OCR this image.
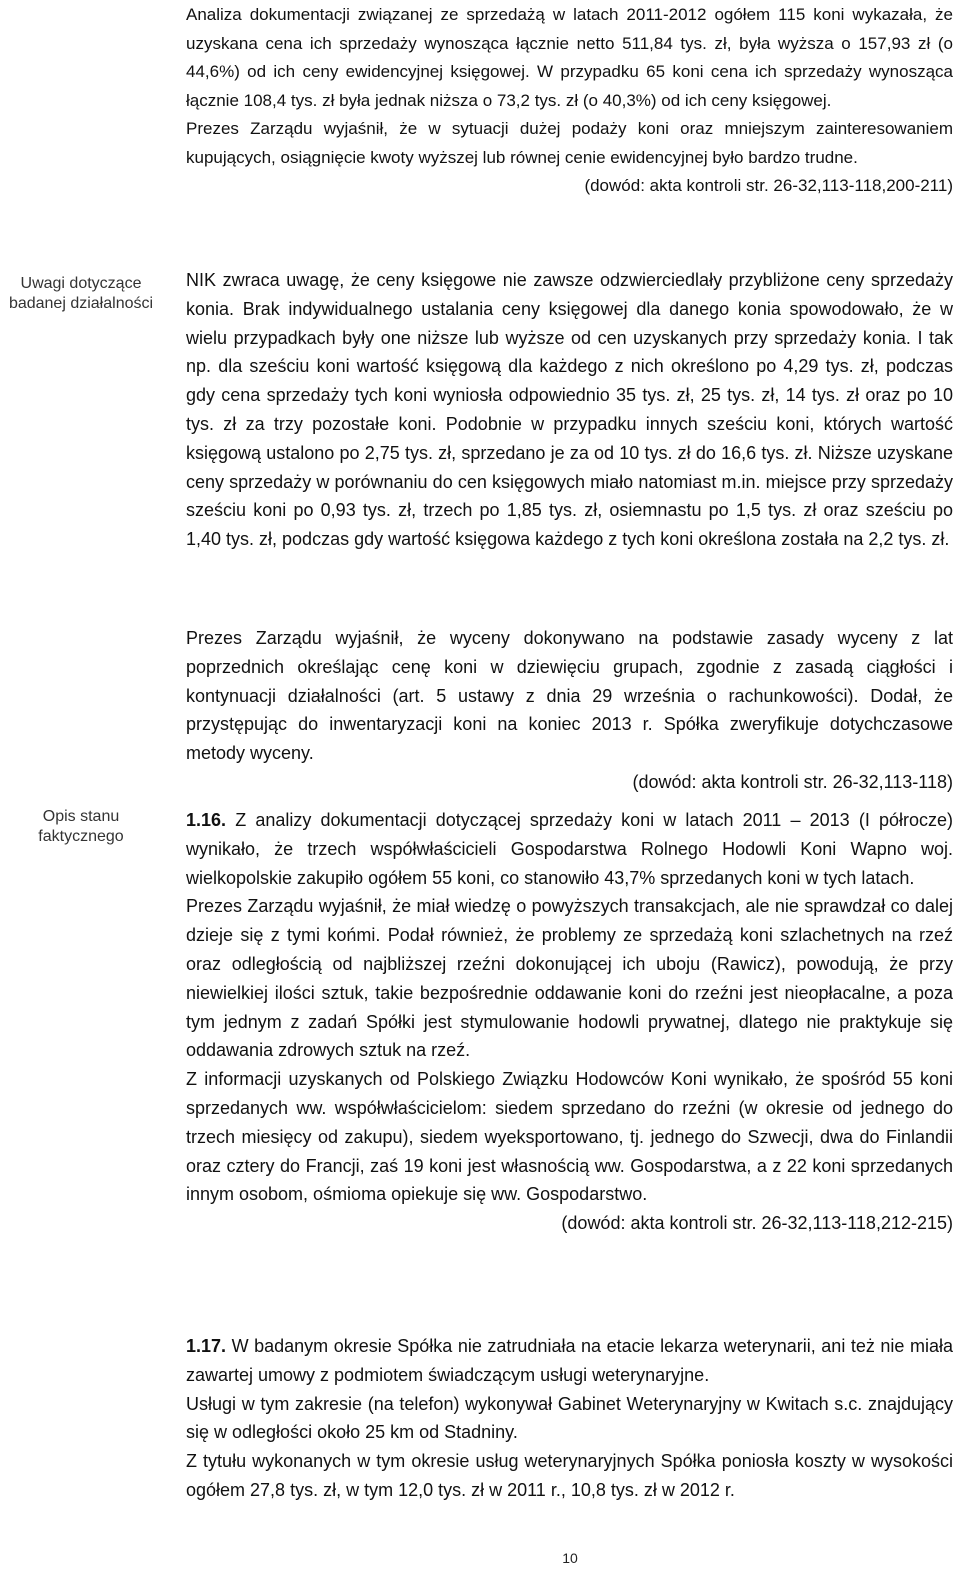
Uwagi dotyczące
badanej działalności
Opis stanu
faktycznego

Analiza dokumentacji związanej ze sprzedażą w latach 2011-2012 ogółem 115 koni wykazała, że uzyskana cena ich sprzedaży wynosząca łącznie netto 511,84 tys. zł, była wyższa o 157,93 zł (o 44,6%) od ich ceny ewidencyjnej księgowej. W przypadku 65 koni cena ich sprzedaży wynosząca łącznie 108,4 tys. zł była jednak niższa o 73,2 tys. zł (o 40,3%) od ich ceny księgowej.

Prezes Zarządu wyjaśnił, że w sytuacji dużej podaży koni oraz mniejszym zainteresowaniem kupujących, osiągnięcie kwoty wyższej lub równej cenie ewidencyjnej było bardzo trudne.

(dowód: akta kontroli str. 26-32,113-118,200-211)

NIK zwraca uwagę, że ceny księgowe nie zawsze odzwierciedlały przybliżone ceny sprzedaży konia. Brak indywidualnego ustalania ceny księgowej dla danego konia spowodowało, że w wielu przypadkach były one niższe lub wyższe od cen uzyskanych przy sprzedaży konia. I tak np. dla sześciu koni wartość księgową dla każdego z nich określono po 4,29 tys. zł, podczas gdy cena sprzedaży tych koni wyniosła odpowiednio 35 tys. zł, 25 tys. zł, 14 tys. zł oraz po 10 tys. zł za trzy pozostałe koni. Podobnie w przypadku innych sześciu koni, których wartość księgową ustalono po 2,75 tys. zł, sprzedano je za od 10 tys. zł do 16,6 tys. zł. Niższe uzyskane ceny sprzedaży w porównaniu do cen księgowych miało natomiast m.in. miejsce przy sprzedaży sześciu koni po 0,93 tys. zł, trzech po 1,85 tys. zł, osiemnastu po 1,5 tys. zł oraz sześciu po 1,40 tys. zł, podczas gdy wartość księgowa każdego z tych koni określona została na 2,2 tys. zł.

Prezes Zarządu wyjaśnił, że wyceny dokonywano na podstawie zasady wyceny z lat poprzednich określając cenę koni w dziewięciu grupach, zgodnie z zasadą ciągłości i kontynuacji działalności (art. 5 ustawy z dnia 29 września o rachunkowości). Dodał, że przystępując do inwentaryzacji koni na koniec 2013 r. Spółka zweryfikuje dotychczasowe metody wyceny.

(dowód: akta kontroli str. 26-32,113-118)

1.16. Z analizy dokumentacji dotyczącej sprzedaży koni w latach 2011 – 2013 (I półrocze) wynikało, że trzech współwłaścicieli Gospodarstwa Rolnego Hodowli Koni Wapno woj. wielkopolskie zakupiło ogółem 55 koni, co stanowiło 43,7% sprzedanych koni w tych latach.

Prezes Zarządu wyjaśnił, że miał wiedzę o powyższych transakcjach, ale nie sprawdzał co dalej dzieje się z tymi końmi. Podał również, że problemy ze sprzedażą koni szlachetnych na rzeź oraz odległością od najbliższej rzeźni dokonującej ich uboju (Rawicz), powodują, że przy niewielkiej ilości sztuk, takie bezpośrednie oddawanie koni do rzeźni jest nieopłacalne, a poza tym jednym z zadań Spółki jest stymulowanie hodowli prywatnej, dlatego nie praktykuje się oddawania zdrowych sztuk na rzeź.

Z informacji uzyskanych od Polskiego Związku Hodowców Koni wynikało, że spośród 55 koni sprzedanych ww. współwłaścicielom: siedem sprzedano do rzeźni (w okresie od jednego do trzech miesięcy od zakupu), siedem wyeksportowano, tj. jednego do Szwecji, dwa do Finlandii oraz cztery do Francji, zaś 19 koni jest własnością ww. Gospodarstwa, a z 22 koni sprzedanych innym osobom, ośmioma opiekuje się ww. Gospodarstwo.

(dowód: akta kontroli str. 26-32,113-118,212-215)

1.17. W badanym okresie Spółka nie zatrudniała na etacie lekarza weterynarii, ani też nie miała zawartej umowy z podmiotem świadczącym usługi weterynaryjne.

Usługi w tym zakresie (na telefon) wykonywał Gabinet Weterynaryjny w Kwitach s.c. znajdujący się w odległości około 25 km od Stadniny.

Z tytułu wykonanych w tym okresie usług weterynaryjnych Spółka poniosła koszty w wysokości ogółem 27,8 tys. zł, w tym 12,0 tys. zł w 2011 r., 10,8 tys. zł w 2012 r.

10
